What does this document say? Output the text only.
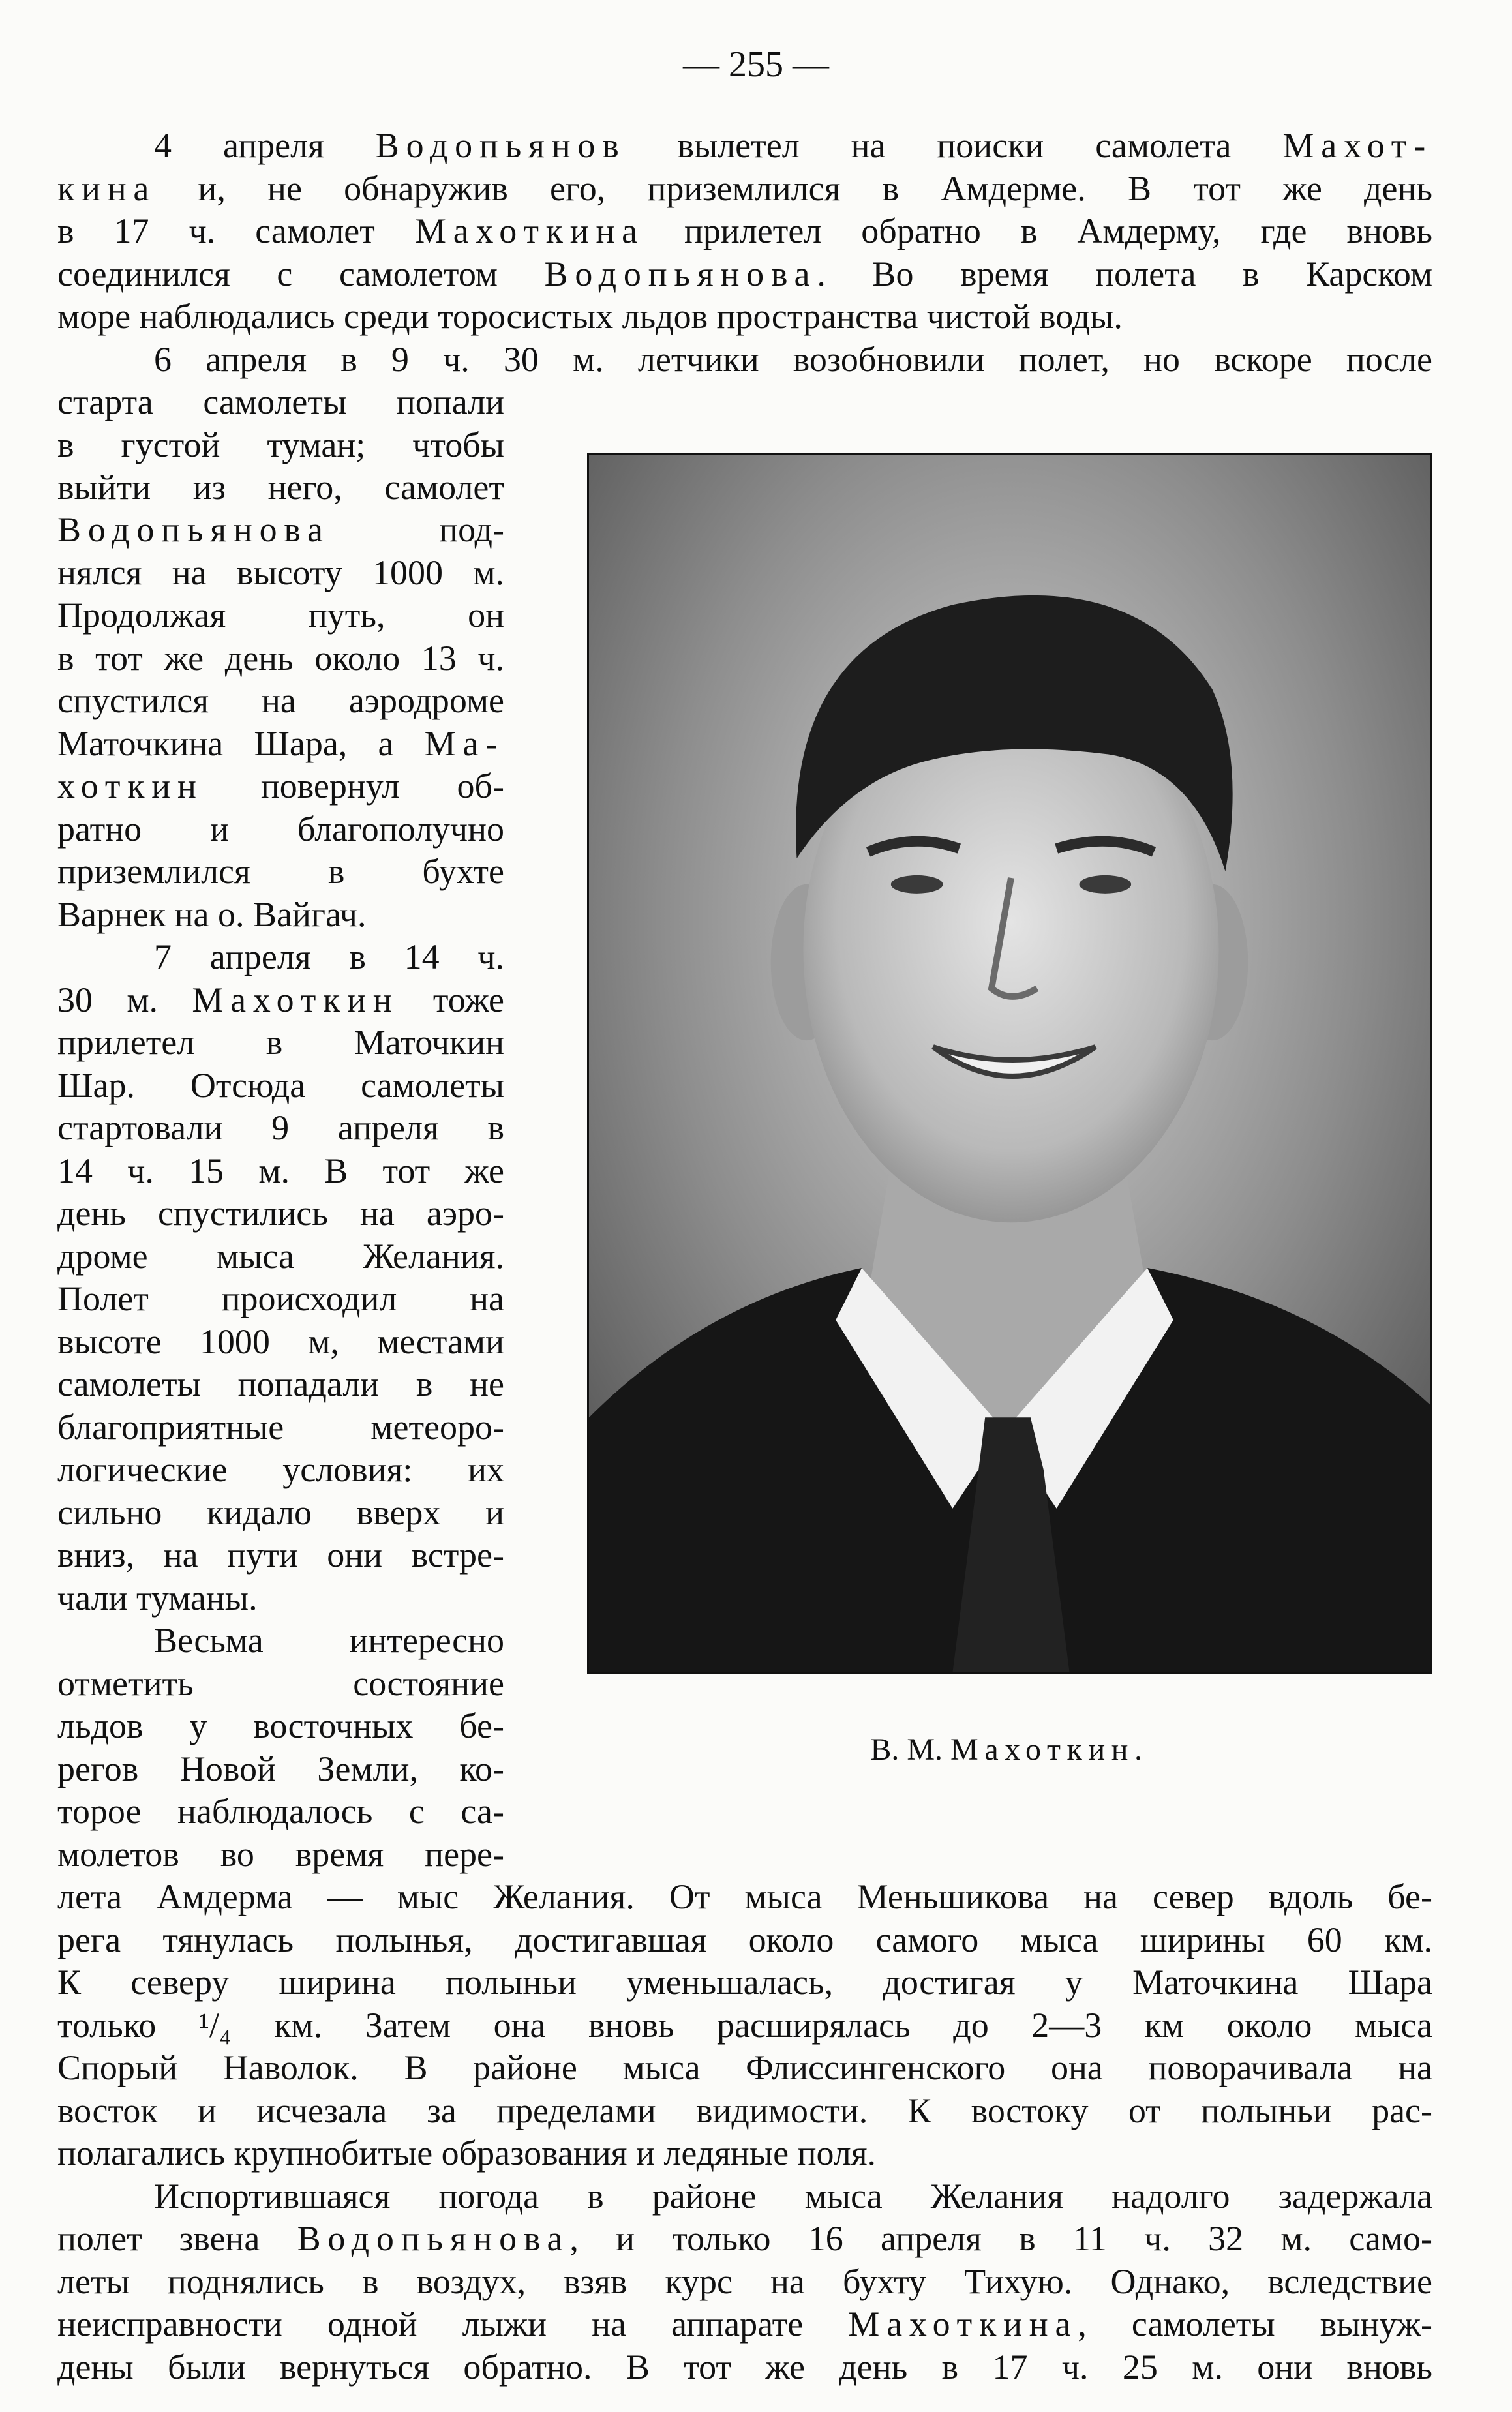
— 255 —
4 апреля Водопьянов вылетел на поиски самолета Махот-
кина и, не обнаружив его, приземлился в Амдерме. В тот же день
в 17 ч. самолет Махоткина прилетел обратно в Амдерму, где вновь
соединился с самолетом Водопьянова. Во время полета в Карском
море наблюдались среди торосистых льдов пространства чистой воды.
6 апреля в 9 ч. 30 м. летчики возобновили полет, но вскоре после
старта самолеты попали
в густой туман; чтобы
выйти из него, самолет
Водопьянова под-
нялся на высоту 1000 м.
Продолжая путь, он
в тот же день около 13 ч.
спустился на аэродроме
Маточкина Шара, а Ма-
хоткин повернул об-
ратно и благополучно
приземлился в бухте
Варнек на о. Вайгач.
7 апреля в 14 ч.
30 м. Махоткин тоже
прилетел в Маточкин
Шар. Отсюда самолеты
стартовали 9 апреля в
14 ч. 15 м. В тот же
день спустились на аэро-
дроме мыса Желания.
Полет происходил на
высоте 1000 м, местами
самолеты попадали в не
благоприятные метеоро-
логические условия: их
сильно кидало вверх и
вниз, на пути они встре-
чали туманы.
Весьма интересно
отметить состояние
льдов у восточных бе-
регов Новой Земли, ко-
торое наблюдалось с са-
молетов во время пере-
лета Амдерма — мыс Желания. От мыса Меньшикова на север вдоль бе-
рега тянулась полынья, достигавшая около самого мыса ширины 60 км.
К северу ширина полыньи уменьшалась, достигая у Маточкина Шара
только ¹/₄ км. Затем она вновь расширялась до 2—3 км около мыса
Спорый Наволок. В районе мыса Флиссингенского она поворачивала на
восток и исчезала за пределами видимости. К востоку от полыньи рас-
полагались крупнобитые образования и ледяные поля.
Испортившаяся погода в районе мыса Желания надолго задержала
полет звена Водопьянова, и только 16 апреля в 11 ч. 32 м. само-
леты поднялись в воздух, взяв курс на бухту Тихую. Однако, вследствие
неисправности одной лыжи на аппарате Махоткина, самолеты вынуж-
дены были вернуться обратно. В тот же день в 17 ч. 25 м. они вновь
В. М. Махоткин.
